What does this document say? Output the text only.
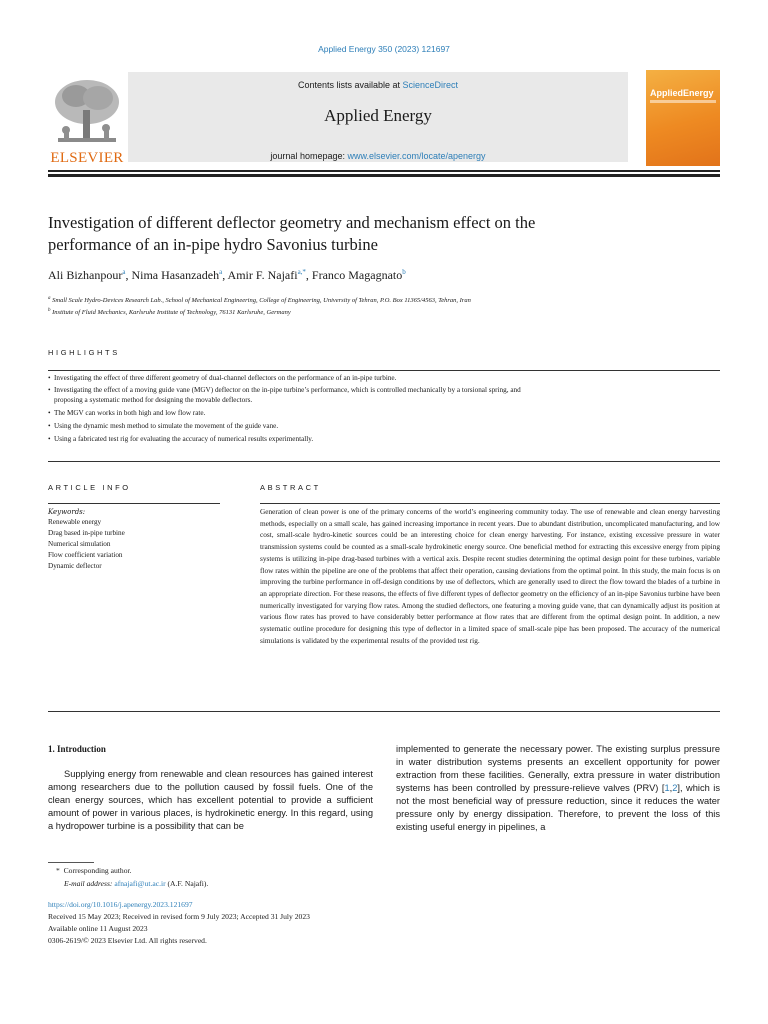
Applied Energy 350 (2023) 121697
ELSEVIER
Contents lists available at ScienceDirect
Applied Energy
journal homepage: www.elsevier.com/locate/apenergy
AppliedEnergy
Investigation of different deflector geometry and mechanism effect on the
performance of an in-pipe hydro Savonius turbine
Ali Bizhanpour$^a$, Nima Hasanzadeh$^a$, Amir F. Najafi$^{a,*}$, Franco Magagnato$^b$
$^a$ Small Scale Hydro-Devices Research Lab., School of Mechanical Engineering, College of Engineering, University of Tehran, P.O. Box 11365/4563, Tehran, Iran
$^b$ Institute of Fluid Mechanics, Karlsruhe Institute of Technology, 76131 Karlsruhe, Germany
HIGHLIGHTS
• Investigating the effect of three different geometry of dual-channel deflectors on the performance of an in-pipe turbine.
• Investigating the effect of a moving guide vane (MGV) deflector on the in-pipe turbine’s performance, which is controlled mechanically by a torsional spring, and
proposing a systematic method for designing the movable deflectors.
• The MGV can works in both high and low flow rate.
• Using the dynamic mesh method to simulate the movement of the guide vane.
• Using a fabricated test rig for evaluating the accuracy of numerical results experimentally.
ARTICLE INFO
Keywords:
Renewable energy
Drag based in-pipe turbine
Numerical simulation
Flow coefficient variation
Dynamic deflector
ABSTRACT
Generation of clean power is one of the primary concerns of the world’s engineering community today. The use of renewable and clean energy harvesting methods, especially on a small scale, has gained increasing importance in recent years. Due to abundant distribution, uncomplicated manufacturing, and low cost, small-scale hydro-kinetic sources could be an interesting choice for clean energy harvesting. For instance, existing excessive pressure in water transmission systems could be counted as a small-scale hydrokinetic energy source. One beneficial method for extracting this excessive energy from piping systems is utilizing in-pipe drag-based turbines with a vertical axis. Despite recent studies determining the optimal design point for these turbines, variable flow rates within the pipeline are one of the problems that affect their operation, causing deviations from the optimal point. In this study, the main focus is on improving the turbine performance in off-design conditions by use of deflectors, which are generally used to direct the flow toward the blades of a turbine in an appropriate direction. For these reasons, the effects of five different types of deflector geometry on the efficiency of an in-pipe Savonius turbine have been numerically investigated for varying flow rates. Among the studied deflectors, one featuring a moving guide vane, that can dynamically adjust its position at various flow rates has proved to have considerably better performance at flow rates that are different from the optimal design point. In addition, a new systematic outline procedure for designing this type of deflector in a limited space of small-scale pipe has been proposed. The accuracy of the numerical simulations is validated by the experimental results of the provided test rig.
1. Introduction

Supplying energy from renewable and clean resources has gained interest among researchers due to the pollution caused by fossil fuels. One of the clean energy sources, which has excellent potential to provide a sufficient amount of power in various places, is hydrokinetic energy. In this regard, using a hydropower turbine is a possibility that can be

implemented to generate the necessary power. The existing surplus pressure in water distribution systems presents an excellent opportunity for power extraction from these facilities. Generally, extra pressure in water distribution systems has been controlled by pressure-relieve valves (PRV) [1,2], which is not the most beneficial way of pressure reduction, since it reduces the water pressure only by energy dissipation. Therefore, to prevent the loss of this existing useful energy in pipelines, a

* Corresponding author.
E-mail address: afnajafi@ut.ac.ir (A.F. Najafi).
https://doi.org/10.1016/j.apenergy.2023.121697
Received 15 May 2023; Received in revised form 9 July 2023; Accepted 31 July 2023
Available online 11 August 2023
0306-2619/© 2023 Elsevier Ltd. All rights reserved.
